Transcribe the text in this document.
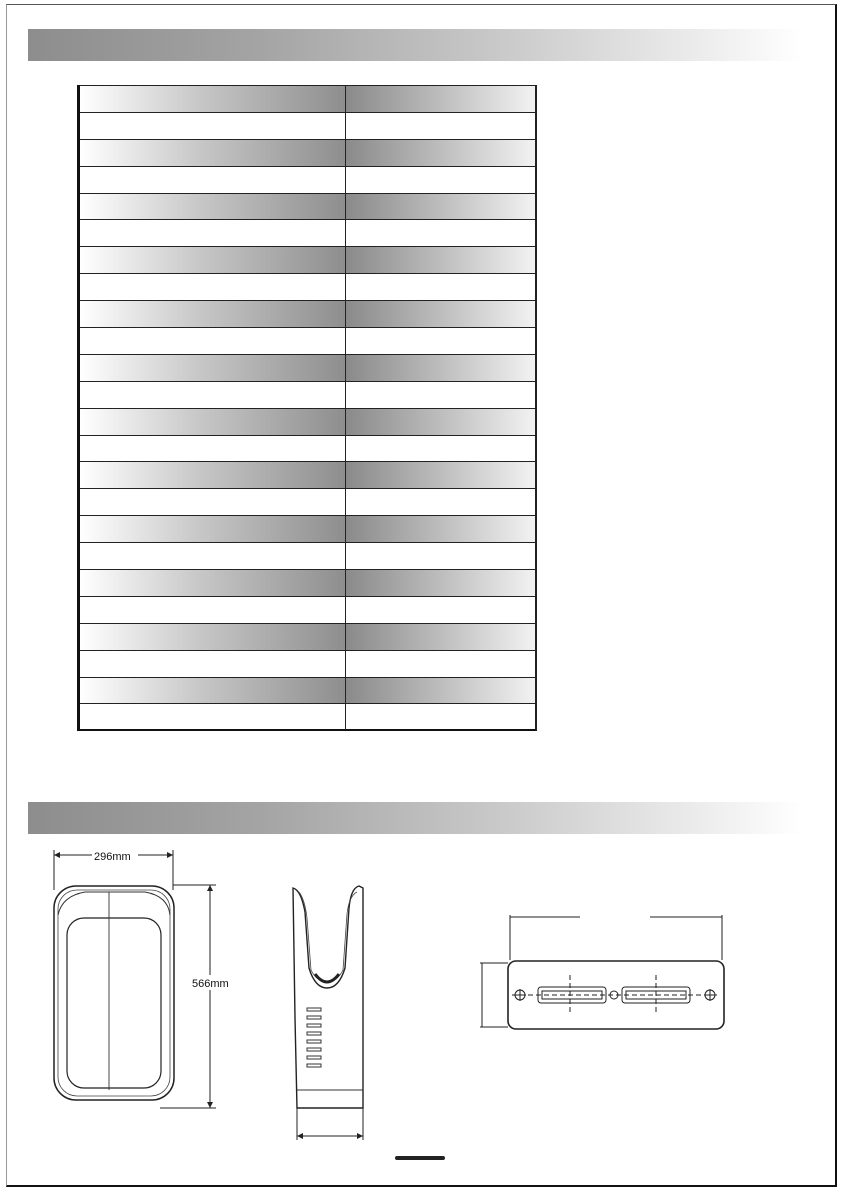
296mm
566mm
